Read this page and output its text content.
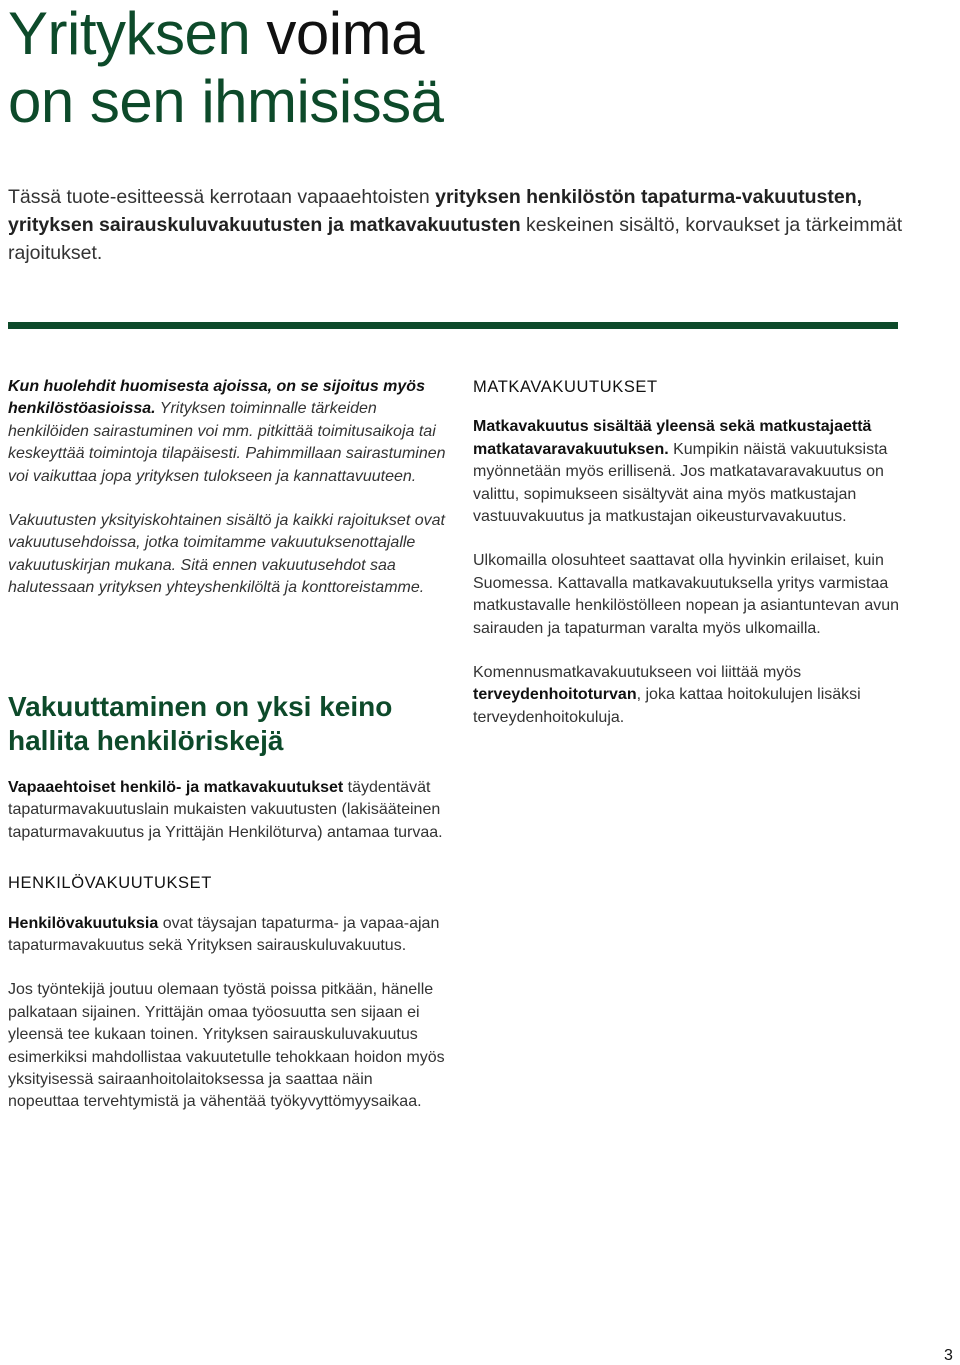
Yrityksen voima
on sen ihmisissä

Tässä tuote-esitteessä kerrotaan vapaaehtoisten yrityksen henkilöstön tapaturma-vakuutusten, yrityksen sairauskuluvakuutusten ja matkavakuutusten keskeinen sisältö, korvaukset ja tärkeimmät rajoitukset.

Kun huolehdit huomisesta ajoissa, on se sijoitus myös henkilöstöasioissa. Yrityksen toiminnalle tärkeiden henkilöiden sairastuminen voi mm. pitkittää toimitusaikoja tai keskeyttää toimintoja tilapäisesti. Pahimmillaan sairastuminen voi vaikuttaa jopa yrityksen tulokseen ja kannattavuuteen.

Vakuutusten yksityiskohtainen sisältö ja kaikki rajoitukset ovat vakuutusehdoissa, jotka toimitamme vakuutuksenottajalle vakuutuskirjan mukana. Sitä ennen vakuutusehdot saa halutessaan yrityksen yhteyshenkilöltä ja konttoreistamme.

Vakuuttaminen on yksi keino hallita henkilöriskejä

Vapaaehtoiset henkilö- ja matkavakuutukset täydentävät tapaturmavakuutuslain mukaisten vakuutusten (lakisääteinen tapaturmavakuutus ja Yrittäjän Henkilöturva) antamaa turvaa.

HENKILÖVAKUUTUKSET

Henkilövakuutuksia ovat täysajan tapaturma- ja vapaa-ajan tapaturmavakuutus sekä Yrityksen sairauskuluvakuutus.

Jos työntekijä joutuu olemaan työstä poissa pitkään, hänelle palkataan sijainen. Yrittäjän omaa työosuutta sen sijaan ei yleensä tee kukaan toinen. Yrityksen sairauskuluvakuutus esimerkiksi mahdollistaa vakuutetulle tehokkaan hoidon myös yksityisessä sairaanhoitolaitoksessa ja saattaa näin nopeuttaa tervehtymistä ja vähentää työkyvyttömyysaikaa.

MATKAVAKUUTUKSET

Matkavakuutus sisältää yleensä sekä matkustajaettä matkatavaravakuutuksen. Kumpikin näistä vakuutuksista myönnetään myös erillisenä. Jos matkatavaravakuutus on valittu, sopimukseen sisältyvät aina myös matkustajan vastuuvakuutus ja matkustajan oikeusturvavakuutus.

Ulkomailla olosuhteet saattavat olla hyvinkin erilaiset, kuin Suomessa. Kattavalla matkavakuutuksella yritys varmistaa matkustavalle henkilöstölleen nopean ja asiantuntevan avun sairauden ja tapaturman varalta myös ulkomailla.

Komennusmatkavakuutukseen voi liittää myös terveydenhoitoturvan, joka kattaa hoitokulujen lisäksi terveydenhoitokuluja.

3
